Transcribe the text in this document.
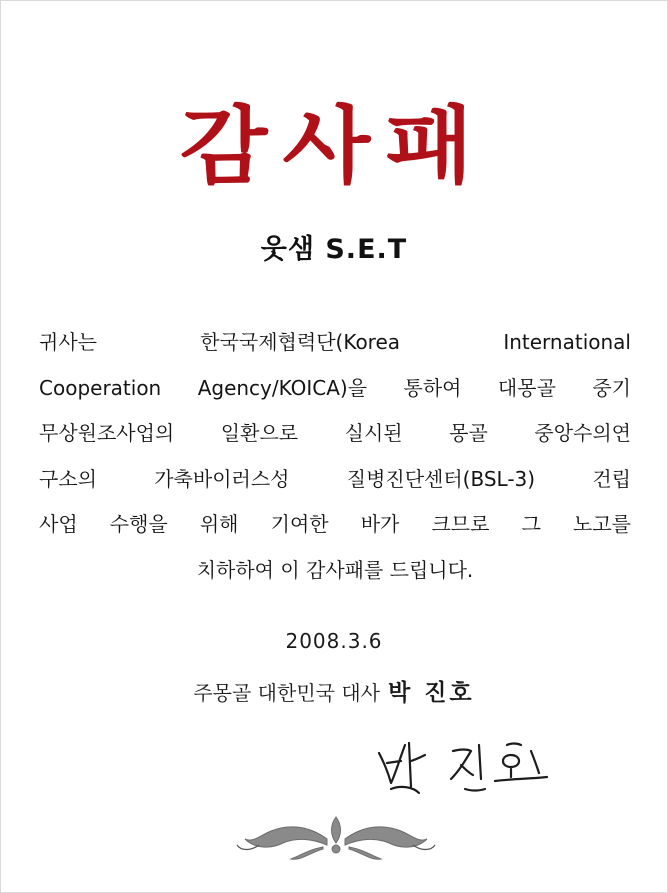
감사패
웃샘 S.E.T
귀사는 한국국제협력단(Korea International
Cooperation Agency/KOICA)을 통하여 대몽골 중기
무상원조사업의 일환으로 실시된 몽골 중앙수의연
구소의 가축바이러스성 질병진단센터(BSL-3) 건립
사업 수행을 위해 기여한 바가 크므로 그 노고를
치하하여 이 감사패를 드립니다.
2008.3.6
주몽골 대한민국 대사 박 진호
